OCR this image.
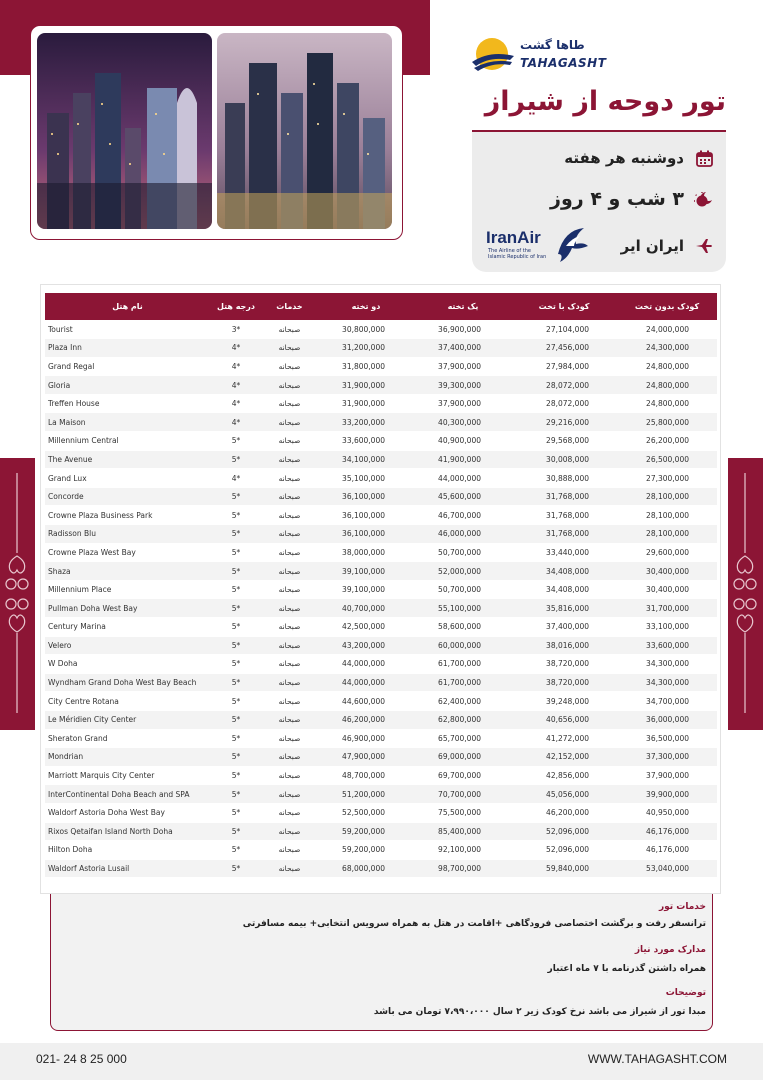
طاها گشت
TAHAGASHT
تور دوحه از شیراز
دوشنبه هر هفته
۳ شب و ۴ روز
ایران ایر
IranAir
The Airline of the Islamic Republic of Iran
نام هتل	درجه هتل	خدمات	دو تخته	یک تخته	کودک با تخت	کودک بدون تخت
Tourist	3*	صبحانه	30,800,000	36,900,000	27,104,000	24,000,000
Plaza Inn	4*	صبحانه	31,200,000	37,400,000	27,456,000	24,300,000
Grand Regal	4*	صبحانه	31,800,000	37,900,000	27,984,000	24,800,000
Gloria	4*	صبحانه	31,900,000	39,300,000	28,072,000	24,800,000
Treffen House	4*	صبحانه	31,900,000	37,900,000	28,072,000	24,800,000
La Maison	4*	صبحانه	33,200,000	40,300,000	29,216,000	25,800,000
Millennium Central	5*	صبحانه	33,600,000	40,900,000	29,568,000	26,200,000
The Avenue	5*	صبحانه	34,100,000	41,900,000	30,008,000	26,500,000
Grand Lux	4*	صبحانه	35,100,000	44,000,000	30,888,000	27,300,000
Concorde	5*	صبحانه	36,100,000	45,600,000	31,768,000	28,100,000
Crowne Plaza Business Park	5*	صبحانه	36,100,000	46,700,000	31,768,000	28,100,000
Radisson Blu	5*	صبحانه	36,100,000	46,000,000	31,768,000	28,100,000
Crowne Plaza West Bay	5*	صبحانه	38,000,000	50,700,000	33,440,000	29,600,000
Shaza	5*	صبحانه	39,100,000	52,000,000	34,408,000	30,400,000
Millennium Place	5*	صبحانه	39,100,000	50,700,000	34,408,000	30,400,000
Pullman Doha West Bay	5*	صبحانه	40,700,000	55,100,000	35,816,000	31,700,000
Century Marina	5*	صبحانه	42,500,000	58,600,000	37,400,000	33,100,000
Velero	5*	صبحانه	43,200,000	60,000,000	38,016,000	33,600,000
W Doha	5*	صبحانه	44,000,000	61,700,000	38,720,000	34,300,000
Wyndham Grand Doha West Bay Beach	5*	صبحانه	44,000,000	61,700,000	38,720,000	34,300,000
City Centre Rotana	5*	صبحانه	44,600,000	62,400,000	39,248,000	34,700,000
Le Méridien City Center	5*	صبحانه	46,200,000	62,800,000	40,656,000	36,000,000
Sheraton Grand	5*	صبحانه	46,900,000	65,700,000	41,272,000	36,500,000
Mondrian	5*	صبحانه	47,900,000	69,000,000	42,152,000	37,300,000
Marriott Marquis City Center	5*	صبحانه	48,700,000	69,700,000	42,856,000	37,900,000
InterContinental Doha Beach and SPA	5*	صبحانه	51,200,000	70,700,000	45,056,000	39,900,000
Waldorf Astoria Doha West Bay	5*	صبحانه	52,500,000	75,500,000	46,200,000	40,950,000
Rixos Qetaifan Island North Doha	5*	صبحانه	59,200,000	85,400,000	52,096,000	46,176,000
Hilton Doha	5*	صبحانه	59,200,000	92,100,000	52,096,000	46,176,000
Waldorf Astoria Lusail	5*	صبحانه	68,000,000	98,700,000	59,840,000	53,040,000
خدمات تور
ترانسفر رفت و برگشت اختصاصی فرودگاهی +اقامت در هتل به همراه سرویس انتخابی+ بیمه مسافرتی
مدارک مورد نیاز
همراه داشتن گذرنامه با ۷ ماه اعتبار
توضیحات
مبدا تور از شیراز می باشد نرخ کودک زیر ۲ سال ۷،۹۹۰،۰۰۰ تومان می باشد
021- 24 8 25 000	WWW.TAHAGASHT.COM
